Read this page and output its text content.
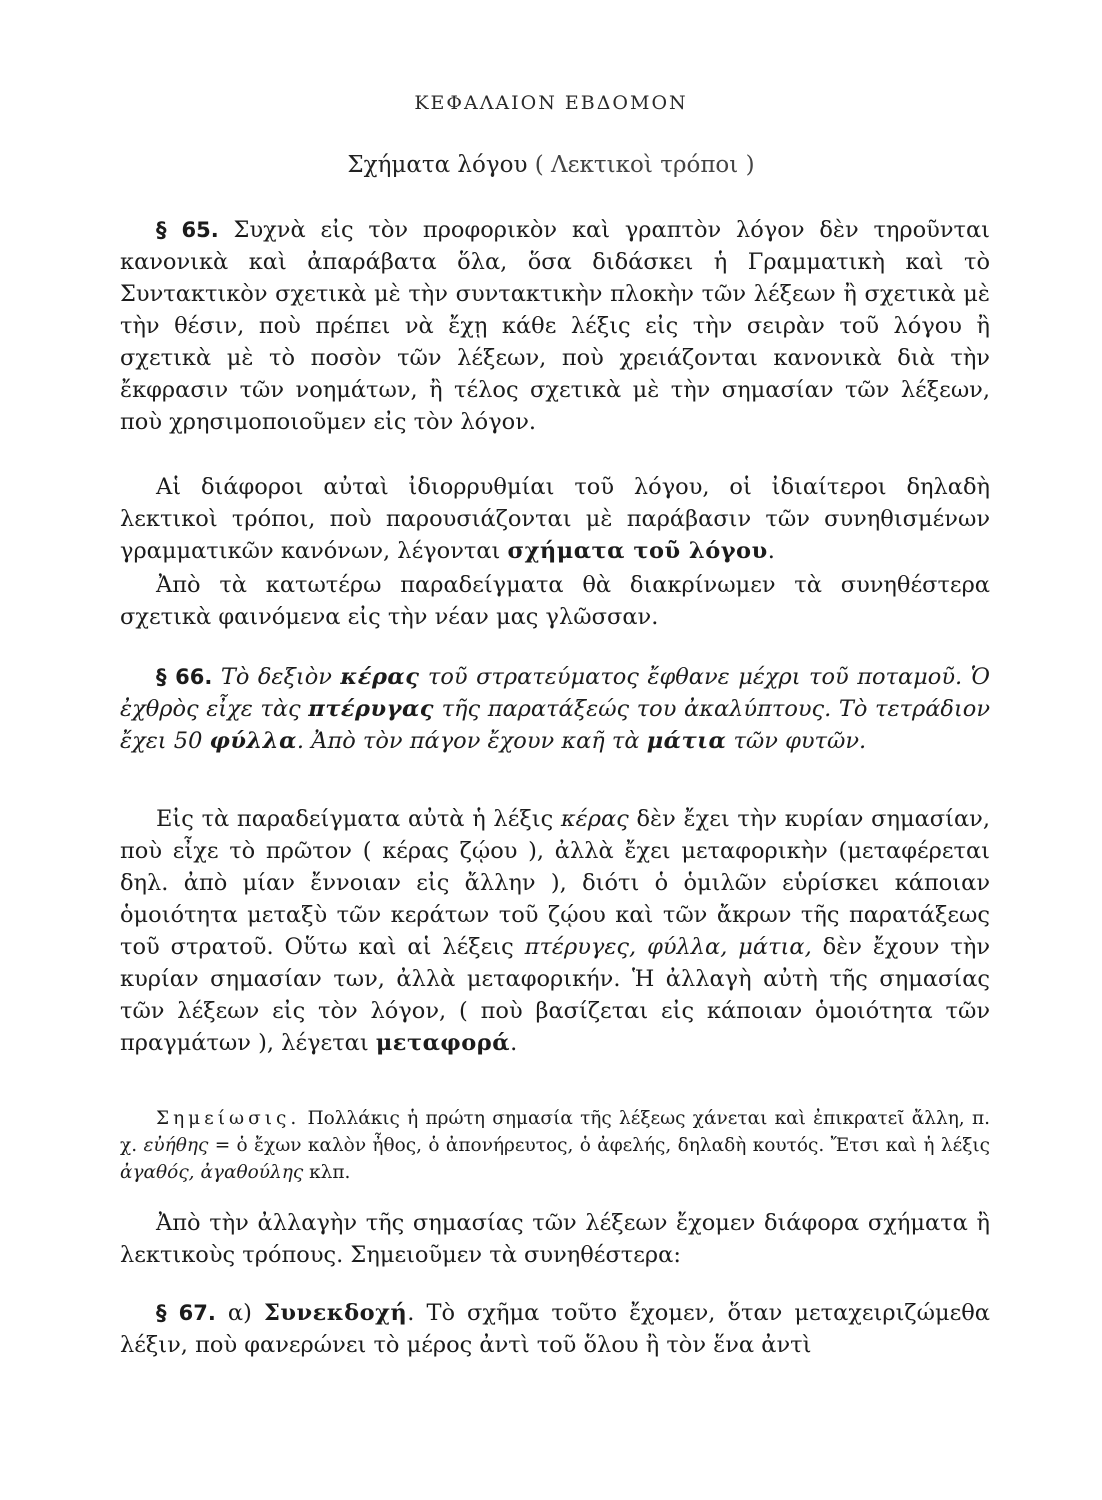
ΚΕΦΑΛΑΙΟΝ ΕΒΔΟΜΟΝ
Σχήματα λόγου ( Λεκτικοὶ τρόποι )

§ 65. Συχνὰ εἰς τὸν προφορικὸν καὶ γραπτὸν λόγον δὲν τηροῦνται κανονικὰ καὶ ἀπαράβατα ὅλα, ὅσα διδάσκει ἡ Γραμματικὴ καὶ τὸ Συντακτικὸν σχετικὰ μὲ τὴν συντακτικὴν πλοκὴν τῶν λέξεων ἢ σχετικὰ μὲ τὴν θέσιν, ποὺ πρέπει νὰ ἔχῃ κάθε λέξις εἰς τὴν σειρὰν τοῦ λόγου ἢ σχετικὰ μὲ τὸ ποσὸν τῶν λέξεων, ποὺ χρειάζονται κανονικὰ διὰ τὴν ἔκφρασιν τῶν νοημάτων, ἢ τέλος σχετικὰ μὲ τὴν σημασίαν τῶν λέξεων, ποὺ χρησιμοποιοῦμεν εἰς τὸν λόγον.

Αἱ διάφοροι αὐταὶ ἰδιορρυθμίαι τοῦ λόγου, οἱ ἰδιαίτεροι δηλαδὴ λεκτικοὶ τρόποι, ποὺ παρουσιάζονται μὲ παράβασιν τῶν συνηθισμένων γραμματικῶν κανόνων, λέγονται σχήματα τοῦ λόγου.

Ἀπὸ τὰ κατωτέρω παραδείγματα θὰ διακρίνωμεν τὰ συνηθέστερα σχετικὰ φαινόμενα εἰς τὴν νέαν μας γλῶσσαν.

§ 66. Τὸ δεξιὸν κέρας τοῦ στρατεύματος ἔφθανε μέχρι τοῦ ποταμοῦ. Ὁ ἐχθρὸς εἶχε τὰς πτέρυγας τῆς παρατάξεώς του ἀκαλύπτους. Τὸ τετράδιον ἔχει 50 φύλλα. Ἀπὸ τὸν πάγον ἔχουν καῆ τὰ μάτια τῶν φυτῶν.

Εἰς τὰ παραδείγματα αὐτὰ ἡ λέξις κέρας δὲν ἔχει τὴν κυρίαν σημασίαν, ποὺ εἶχε τὸ πρῶτον ( κέρας ζῴου ), ἀλλὰ ἔχει μεταφορικὴν (μεταφέρεται δηλ. ἀπὸ μίαν ἔννοιαν εἰς ἄλλην ), διότι ὁ ὁμιλῶν εὑρίσκει κάποιαν ὁμοιότητα μεταξὺ τῶν κεράτων τοῦ ζῴου καὶ τῶν ἄκρων τῆς παρατάξεως τοῦ στρατοῦ. Οὕτω καὶ αἱ λέξεις πτέρυγες, φύλλα, μάτια, δὲν ἔχουν τὴν κυρίαν σημασίαν των, ἀλλὰ μεταφορικήν. Ἡ ἀλλαγὴ αὐτὴ τῆς σημασίας τῶν λέξεων εἰς τὸν λόγον, ( ποὺ βασίζεται εἰς κάποιαν ὁμοιότητα τῶν πραγμάτων ), λέγεται μεταφορά.

Σημείωσις. Πολλάκις ἡ πρώτη σημασία τῆς λέξεως χάνεται καὶ ἐπικρατεῖ ἄλλη, π. χ. εὐήθης = ὁ ἔχων καλὸν ἦθος, ὁ ἀπονήρευτος, ὁ ἀφελής, δηλαδὴ κουτός. Ἔτσι καὶ ἡ λέξις ἀγαθός, ἀγαθούλης κλπ.

Ἀπὸ τὴν ἀλλαγὴν τῆς σημασίας τῶν λέξεων ἔχομεν διάφορα σχήματα ἢ λεκτικοὺς τρόπους. Σημειοῦμεν τὰ συνηθέστερα:

§ 67. α) Συνεκδοχή. Τὸ σχῆμα τοῦτο ἔχομεν, ὅταν μεταχειριζώμεθα λέξιν, ποὺ φανερώνει τὸ μέρος ἀντὶ τοῦ ὅλου ἢ τὸν ἕνα ἀντὶ
